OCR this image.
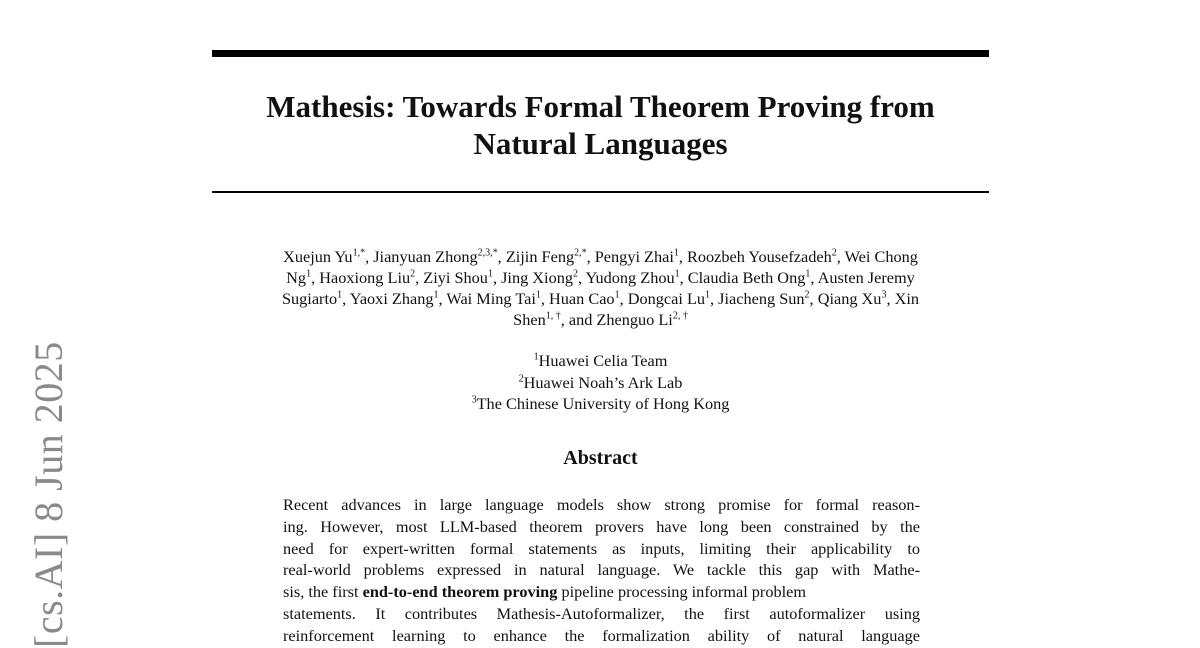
Mathesis: Towards Formal Theorem Proving from
Natural Languages

Xuejun $Yu^{1,*}$, Jianyuan Zhong$^{2,3,*}$, Zijin Feng$^{2,*}$, Pengyi Zhai$^1$, Roozbeh Yousefzadeh$^2$, Wei Chong
Ng$^1$, Haoxiong Liu$^2$, Ziyi Shou$^1$, Jing Xiong$^2$, Yudong Zhou$^1$, Claudia Beth Ong$^1$, Austen Jeremy
Sugiarto$^1$, Yaoxi Zhang$^1$, Wai Ming Tai$^1$, Huan Cao$^1$, Dongcai Lu$^1$, Jiacheng Sun$^2$, Qiang Xu$^3$, Xin
Shen$^{1, \dagger}$, and Zhenguo $Li^{2, \dagger}$

$^1$Huawei Celia Team
$^2$Huawei Noah’s Ark Lab
$^3$The Chinese University of Hong Kong

Abstract
Recent advances in large language models show strong promise for formal reason-
ing. However, most LLM-based theorem provers have long been constrained by the
need for expert-written formal statements as inputs, limiting their applicability to
real-world problems expressed in natural language. We tackle this gap with Mathe-
sis, the first end-to-end theorem proving pipeline processing informal problem
statements. It contributes Mathesis-Autoformalizer, the first autoformalizer using
reinforcement learning to enhance the formalization ability of natural language
[cs.AI] 8 Jun 2025
